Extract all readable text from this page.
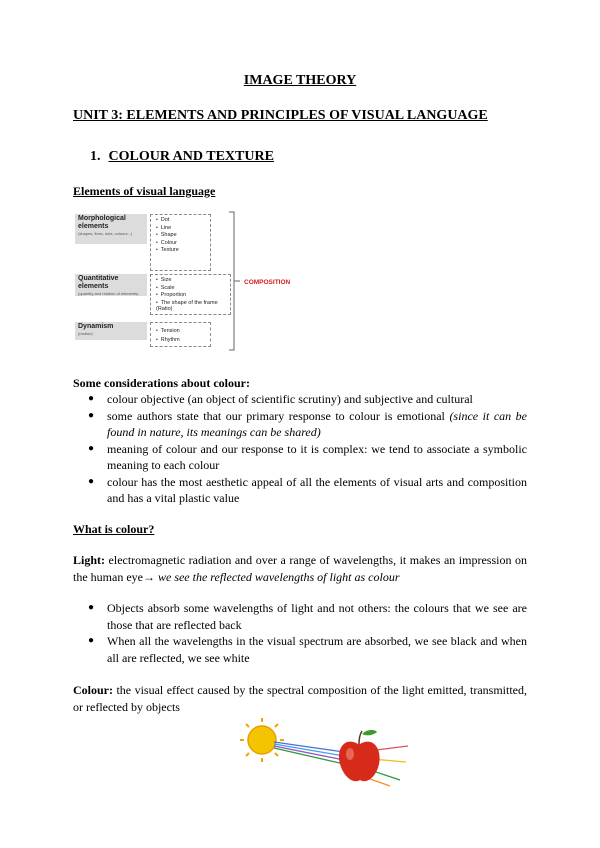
IMAGE THEORY
UNIT 3: ELEMENTS AND PRINCIPLES OF VISUAL LANGUAGE
1. COLOUR AND TEXTURE
Elements of visual language
Morphological elements
(shapes, lines, dots, colours...)
• Dot
• Line
• Shape
• Colour
• Texture
Quantitative elements
(quantity and relation of elements)
• Size
• Scale
• Proportion
• The shape of the frame (Ratio)
Dynamism
(motion)	• Tension
• Rhythm
COMPOSITION
Some considerations about colour:
● colour objective (an object of scientific scrutiny) and subjective and cultural
● some authors state that our primary response to colour is emotional (since it can be found in nature, its meanings can be shared)
● meaning of colour and our response to it is complex: we tend to associate a symbolic meaning to each colour
● colour has the most aesthetic appeal of all the elements of visual arts and composition and has a vital plastic value
What is colour?
Light: electromagnetic radiation and over a range of wavelengths, it makes an impression on the human eye→ we see the reflected wavelengths of light as colour
● Objects absorb some wavelengths of light and not others: the colours that we see are those that are reflected back
● When all the wavelengths in the visual spectrum are absorbed, we see black and when all are reflected, we see white
Colour: the visual effect caused by the spectral composition of the light emitted, transmitted, or reflected by objects
